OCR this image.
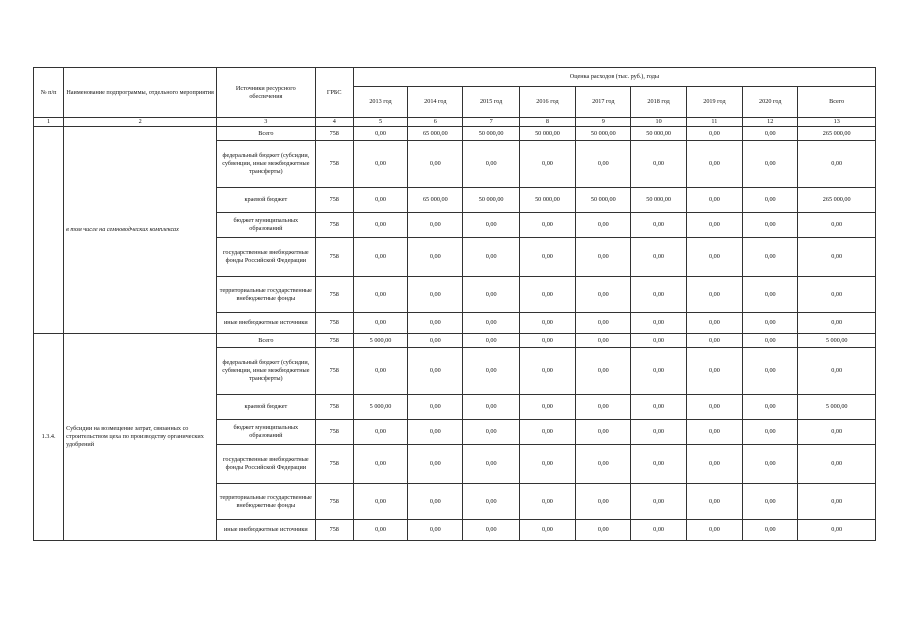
№ п/п	Наименование подпрограммы, отдельного мероприятия	Источники ресурсного обеспечения	ГРБС	Оценка расходов (тыс. руб.), годы								
				2013 год	2014 год	2015 год	2016 год	2017 год	2018 год	2019 год	2020 год	Всего
1	2	3	4	5	6	7	8	9	10	11	12	13
	в том числе на семноводческих комплексах	Всего	758	0,00	65 000,00	50 000,00	50 000,00	50 000,00	50 000,00	0,00	0,00	265 000,00
		федеральный бюджет (субсидии, субвенции, иные межбюджетные трансферты)	758	0,00	0,00	0,00	0,00	0,00	0,00	0,00	0,00	0,00
		краевой бюджет	758	0,00	65 000,00	50 000,00	50 000,00	50 000,00	50 000,00	0,00	0,00	265 000,00
		бюджет муниципальных образований	758	0,00	0,00	0,00	0,00	0,00	0,00	0,00	0,00	0,00
		государственные внебюджетные фонды Российской Федерации	758	0,00	0,00	0,00	0,00	0,00	0,00	0,00	0,00	0,00
		территориальные государственные внебюджетные фонды	758	0,00	0,00	0,00	0,00	0,00	0,00	0,00	0,00	0,00
		иные внебюджетные источники	758	0,00	0,00	0,00	0,00	0,00	0,00	0,00	0,00	0,00
1.3.4.	Субсидии на возмещение затрат, связанных со строительством цеха по производству органических удобрений	Всего	758	5 000,00	0,00	0,00	0,00	0,00	0,00	0,00	0,00	5 000,00
		федеральный бюджет (субсидии, субвенции, иные межбюджетные трансферты)	758	0,00	0,00	0,00	0,00	0,00	0,00	0,00	0,00	0,00
		краевой бюджет	758	5 000,00	0,00	0,00	0,00	0,00	0,00	0,00	0,00	5 000,00
		бюджет муниципальных образований	758	0,00	0,00	0,00	0,00	0,00	0,00	0,00	0,00	0,00
		государственные внебюджетные фонды Российской Федерации	758	0,00	0,00	0,00	0,00	0,00	0,00	0,00	0,00	0,00
		территориальные государственные внебюджетные фонды	758	0,00	0,00	0,00	0,00	0,00	0,00	0,00	0,00	0,00
		иные внебюджетные источники	758	0,00	0,00	0,00	0,00	0,00	0,00	0,00	0,00	0,00
